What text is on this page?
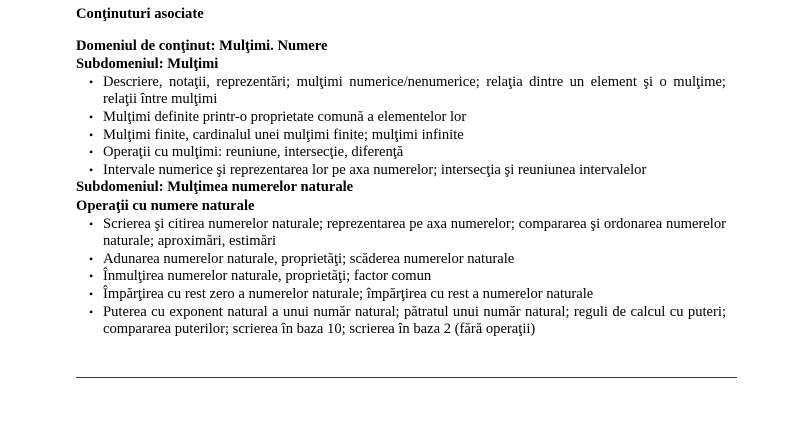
Conţinuturi asociate

Domeniul de conţinut: Mulţimi. Numere

Subdomeniul: Mulţimi

• Descriere, notaţii, reprezentări; mulţimi numerice/nenumerice; relaţia dintre un element şi o mulţime; relaţii între mulţimi
• Mulţimi definite printr-o proprietate comună a elementelor lor
• Mulţimi finite, cardinalul unei mulţimi finite; mulţimi infinite
• Operaţii cu mulţimi: reuniune, intersecţie, diferenţă
• Intervale numerice şi reprezentarea lor pe axa numerelor; intersecţia şi reuniunea intervalelor

Subdomeniul: Mulţimea numerelor naturale

Operaţii cu numere naturale

• Scrierea şi citirea numerelor naturale; reprezentarea pe axa numerelor; compararea şi ordonarea numerelor naturale; aproximări, estimări
• Adunarea numerelor naturale, proprietăţi; scăderea numerelor naturale
• Înmulţirea numerelor naturale, proprietăţi; factor comun
• Împărţirea cu rest zero a numerelor naturale; împărţirea cu rest a numerelor naturale
• Puterea cu exponent natural a unui număr natural; pătratul unui număr natural; reguli de calcul cu puteri; compararea puterilor; scrierea în baza 10; scrierea în baza 2 (fără operaţii)
